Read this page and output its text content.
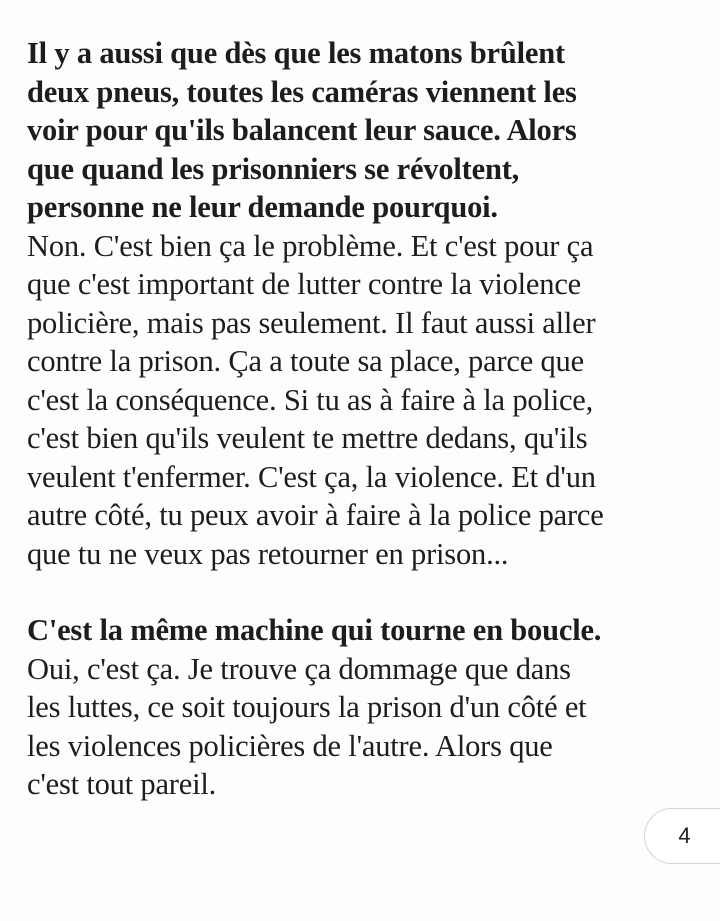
Il y a aussi que dès que les matons brûlent
deux pneus, toutes les caméras viennent les
voir pour qu'ils balancent leur sauce. Alors
que quand les prisonniers se révoltent,
personne ne leur demande pourquoi.

Non. C'est bien ça le problème. Et c'est pour ça
que c'est important de lutter contre la violence
policière, mais pas seulement. Il faut aussi aller
contre la prison. Ça a toute sa place, parce que
c'est la conséquence. Si tu as à faire à la police,
c'est bien qu'ils veulent te mettre dedans, qu'ils
veulent t'enfermer. C'est ça, la violence. Et d'un
autre côté, tu peux avoir à faire à la police parce
que tu ne veux pas retourner en prison...

C'est la même machine qui tourne en boucle.

Oui, c'est ça. Je trouve ça dommage que dans
les luttes, ce soit toujours la prison d'un côté et
les violences policières de l'autre. Alors que
c'est tout pareil.

4
